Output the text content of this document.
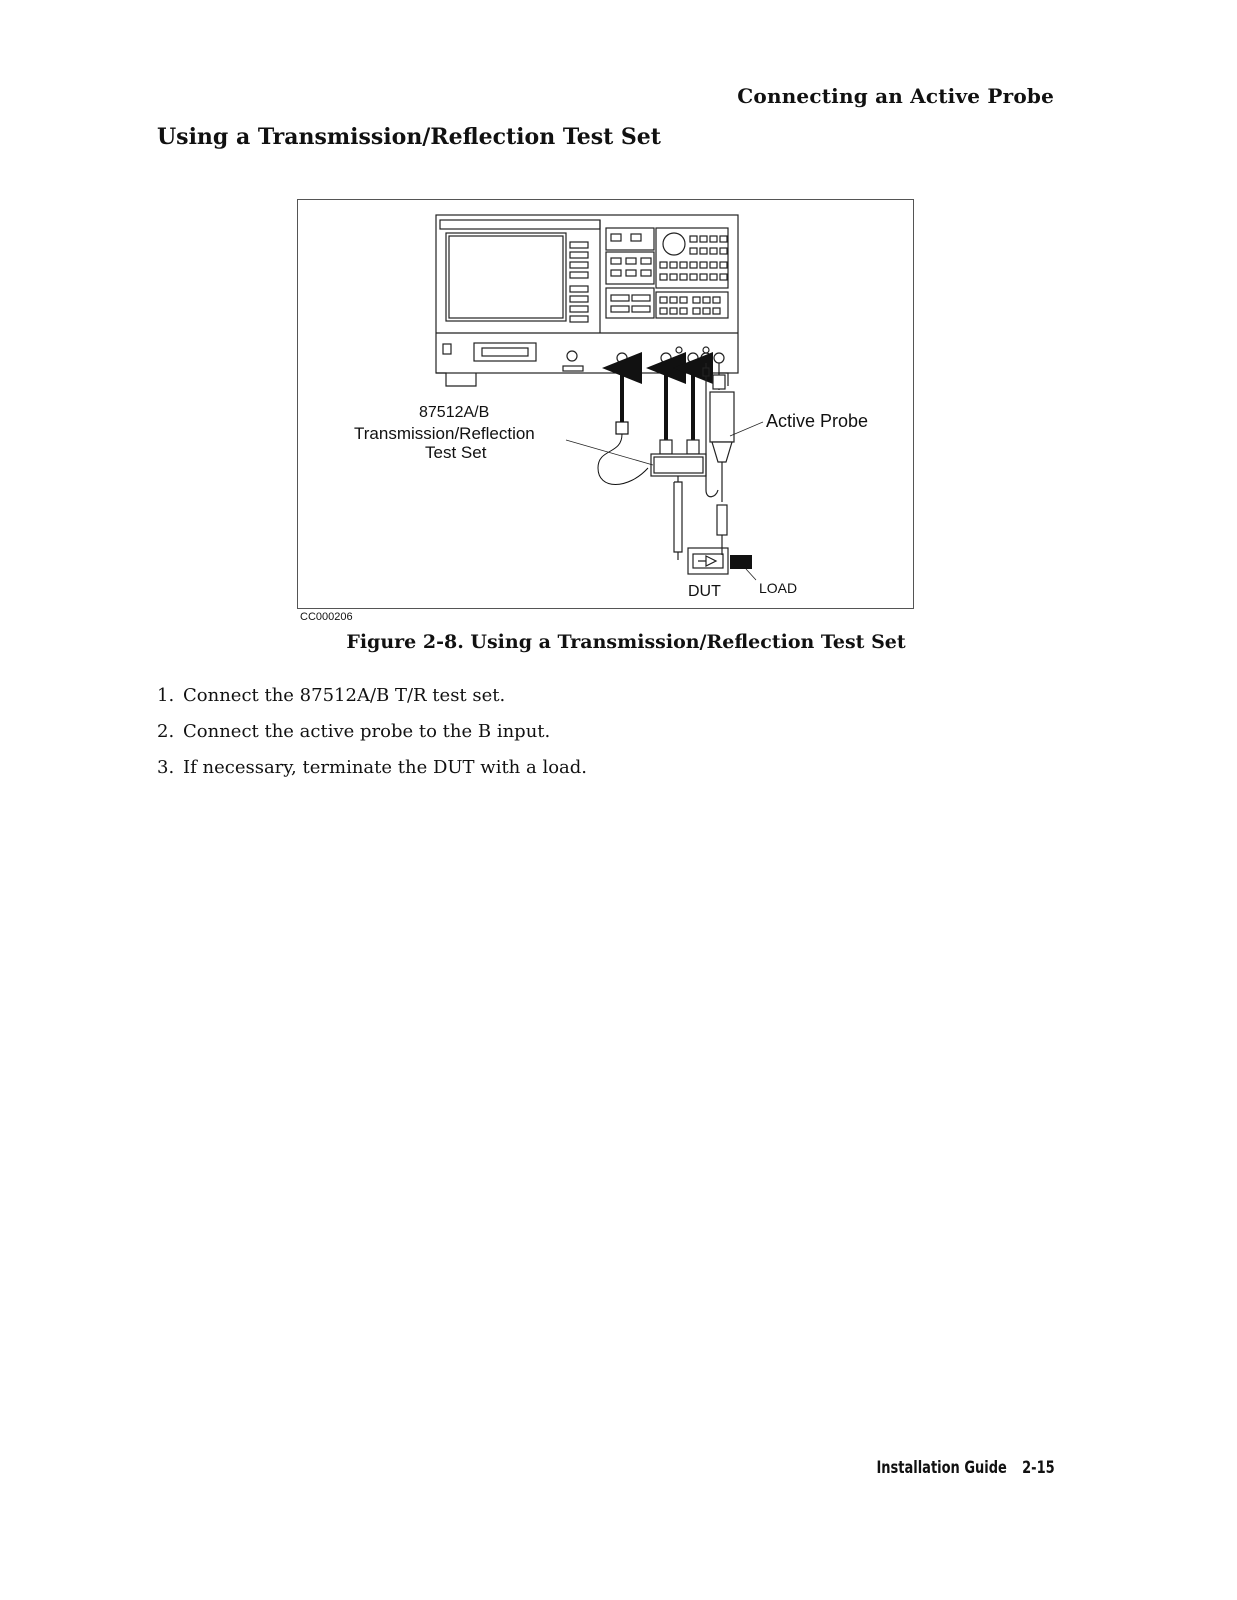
Connecting an Active Probe
Using a Transmission/Reflection Test Set
87512A/B
Transmission/Reflection
Test Set
Active Probe
DUT	LOAD
CC000206
Figure 2-8. Using a Transmission/Reflection Test Set
1. Connect the 87512A/B T/R test set.
2. Connect the active probe to the B input.
3. If necessary, terminate the DUT with a load.
Installation Guide 2-15
